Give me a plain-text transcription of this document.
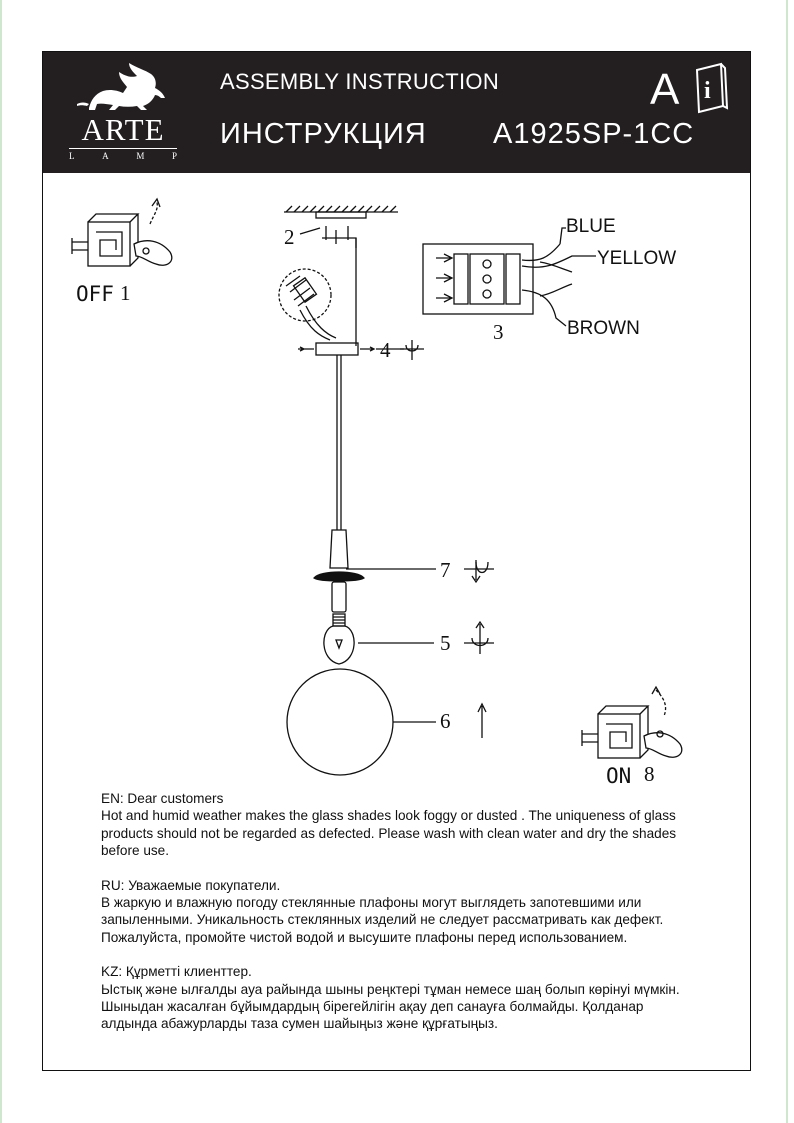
ARTE
L	A	M	P
ASSEMBLY INSTRUCTION
ИНСТРУКЦИЯ A1925SP-1CC
A i
OFF 1
2
3
4
7
5
6
ON 8
BLUE
YELLOW
BROWN

EN: Dear customers

Hot and humid weather makes the glass shades look foggy or dusted . The uniqueness of glass

products should not be regarded as defected. Please wash with clean water and dry the shades

before use.

RU: Уважаемые покупатели.

В жаркую и влажную погоду стеклянные плафоны могут выглядеть запотевшими или

запыленными. Уникальность стеклянных изделий не следует рассматривать как дефект.

Пожалуйста, промойте чистой водой и высушите плафоны перед использованием.

KZ: Құрметті клиенттер.

Ыстық және ылғалды ауа райында шыны реңктері тұман немесе шаң болып көрінуі мүмкін.

Шыныдан жасалған бұйымдардың бірегейлігін ақау деп санауға болмайды. Қолданар

алдында абажурларды таза сумен шайыңыз және құрғатыңыз.
